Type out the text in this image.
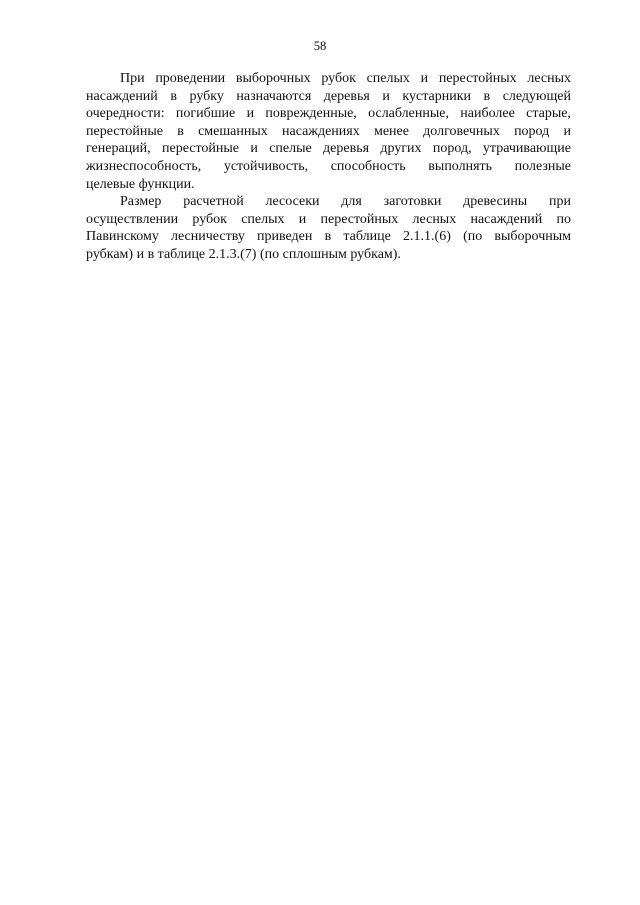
58
При проведении выборочных рубок спелых и перестойных лесных
насаждений в рубку назначаются деревья и кустарники в следующей
очередности: погибшие и поврежденные, ослабленные, наиболее старые,
перестойные в смешанных насаждениях менее долговечных пород и
генераций, перестойные и спелые деревья других пород, утрачивающие
жизнеспособность, устойчивость, способность выполнять полезные
целевые функции.
Размер расчетной лесосеки для заготовки древесины при
осуществлении рубок спелых и перестойных лесных насаждений по
Павинскому лесничеству приведен в таблице 2.1.1.(6) (по выборочным
рубкам) и в таблице 2.1.3.(7) (по сплошным рубкам).
